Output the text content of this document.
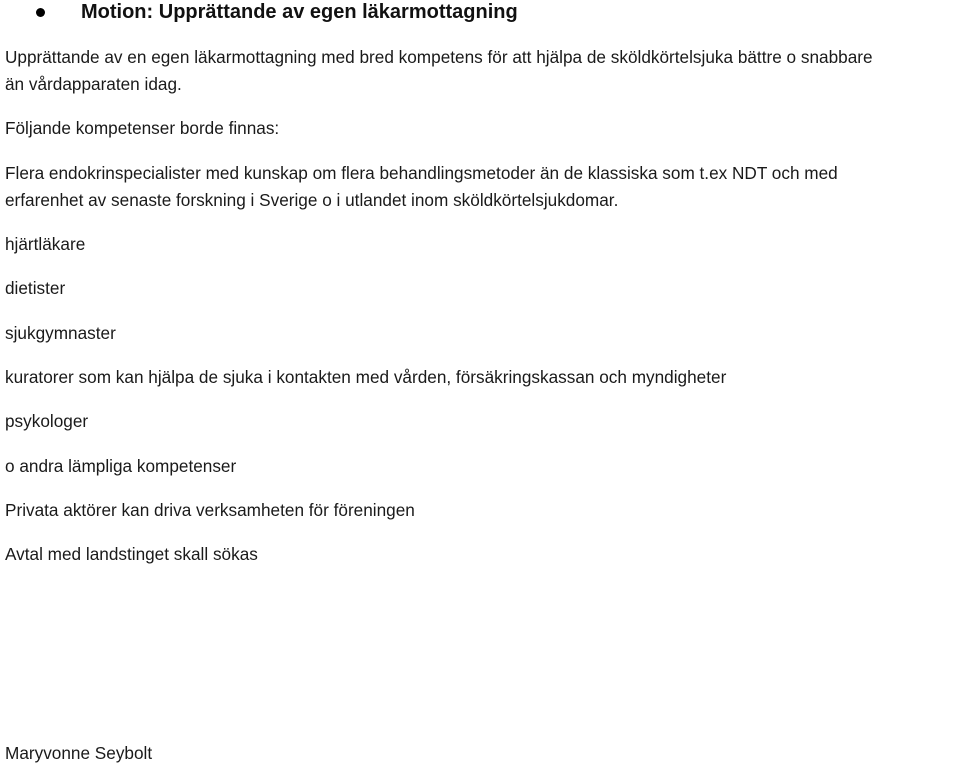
Motion: Upprättande av egen läkarmottagning
Upprättande av en egen läkarmottagning med bred kompetens för att hjälpa de sköldkörtelsjuka bättre o snabbare
än vårdapparaten idag.
Följande kompetenser borde finnas:
Flera endokrinspecialister med kunskap om flera behandlingsmetoder än de klassiska som t.ex NDT och med
erfarenhet av senaste forskning i Sverige o i utlandet inom sköldkörtelsjukdomar.
hjärtläkare
dietister
sjukgymnaster
kuratorer som kan hjälpa de sjuka i kontakten med vården, försäkringskassan och myndigheter
psykologer
o andra lämpliga kompetenser
Privata aktörer kan driva verksamheten för föreningen
Avtal med landstinget skall sökas
Maryvonne Seybolt
